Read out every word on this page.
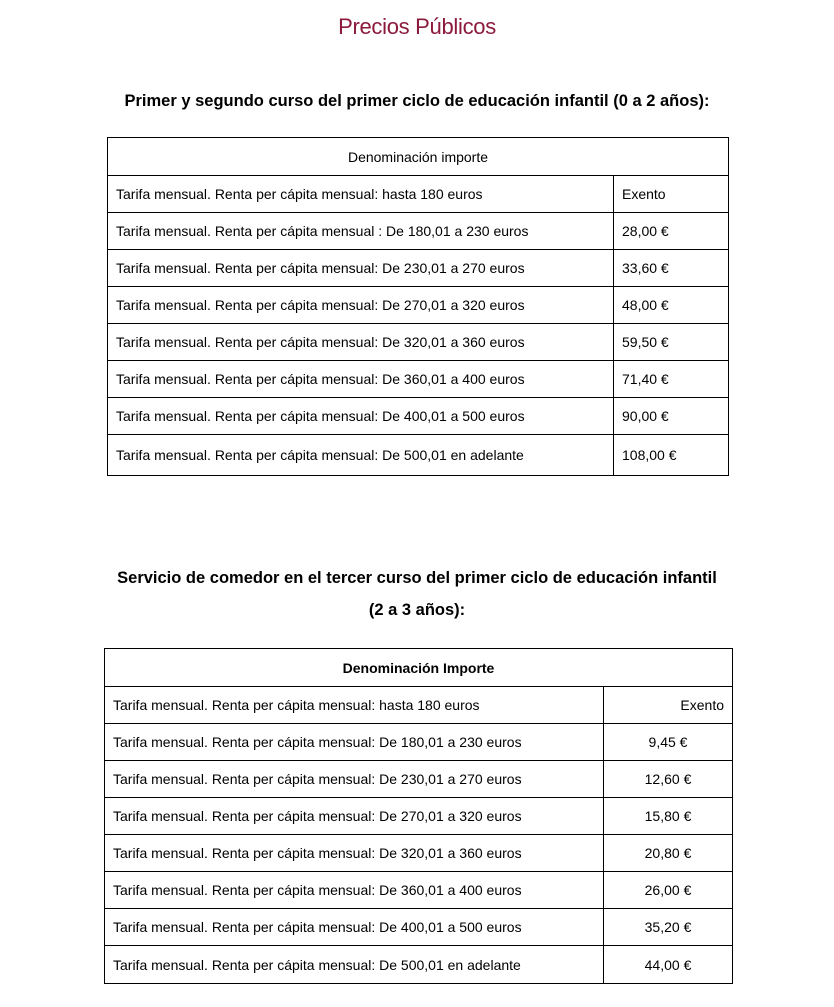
Precios Públicos
Primer y segundo curso del primer ciclo de educación infantil (0 a 2 años):
Denominación importe	
Tarifa mensual. Renta per cápita mensual: hasta 180 euros	Exento
Tarifa mensual. Renta per cápita mensual : De 180,01 a 230 euros	28,00 €
Tarifa mensual. Renta per cápita mensual: De 230,01 a 270 euros	33,60 €
Tarifa mensual. Renta per cápita mensual: De 270,01 a 320 euros	48,00 €
Tarifa mensual. Renta per cápita mensual: De 320,01 a 360 euros	59,50 €
Tarifa mensual. Renta per cápita mensual: De 360,01 a 400 euros	71,40 €
Tarifa mensual. Renta per cápita mensual: De 400,01 a 500 euros	90,00 €
Tarifa mensual. Renta per cápita mensual: De 500,01 en adelante	108,00 €
Servicio de comedor en el tercer curso del primer ciclo de educación infantil
(2 a 3 años):
Denominación Importe	
Tarifa mensual. Renta per cápita mensual: hasta 180 euros	Exento
Tarifa mensual. Renta per cápita mensual: De 180,01 a 230 euros	9,45 €
Tarifa mensual. Renta per cápita mensual: De 230,01 a 270 euros	12,60 €
Tarifa mensual. Renta per cápita mensual: De 270,01 a 320 euros	15,80 €
Tarifa mensual. Renta per cápita mensual: De 320,01 a 360 euros	20,80 €
Tarifa mensual. Renta per cápita mensual: De 360,01 a 400 euros	26,00 €
Tarifa mensual. Renta per cápita mensual: De 400,01 a 500 euros	35,20 €
Tarifa mensual. Renta per cápita mensual: De 500,01 en adelante	44,00 €
